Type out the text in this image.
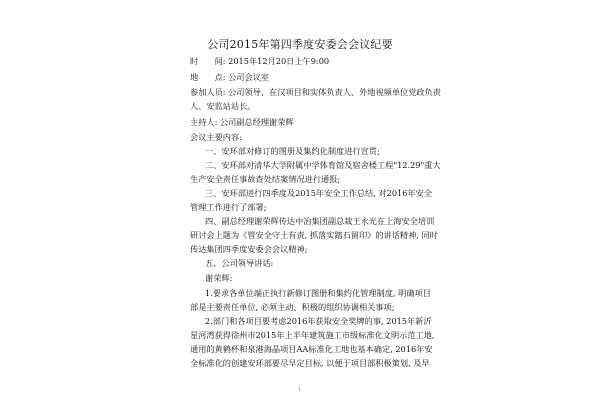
公司2015年第四季度安委会会议纪要
时　　间: 2015年12月20日上午9:00
地　　点: 公司会议室
参加人员: 公司领导、在汉项目和实体负责人、外地视频单位党政负责
人、安监站站长。
主持人: 公司副总经理谢荣辉
会议主要内容:
一、安环部对修订的图册及集约化制度进行宣贯;
二、安环部对清华大学附属中学体育馆及宿舍楼工程"12.29"重大
生产安全责任事故查处结案情况进行通报;
三、安环部进行四季度及2015年安全工作总结, 对2016年安全
管理工作进行了部署;
四、副总经理谢荣辉传达中冶集团副总裁王永光在上海安全培训
研讨会上题为《管安全守土有责, 抓落实踏石留印》的讲话精神, 同时
传达集团四季度安委会会议精神;
五、公司领导讲话:
谢荣辉:
1.要求各单位端正执行新修订图册和集约化管理制度, 明确项目
部是主要责任单位, 必须主动、积极的组织协调相关事项;
2.部门和各项目要考虑2016年获取安全奖牌的事, 2015年新沂
星河湾获得徐州市2015年上半年建筑施工市级标准化文明示范工地,
通用的黄鹤杯和泉港海晶项目AA标准化工地也基本确定, 2016年安
全标准化的创建安环部要尽早定目标, 以便于项目部积极策划, 及早
1
